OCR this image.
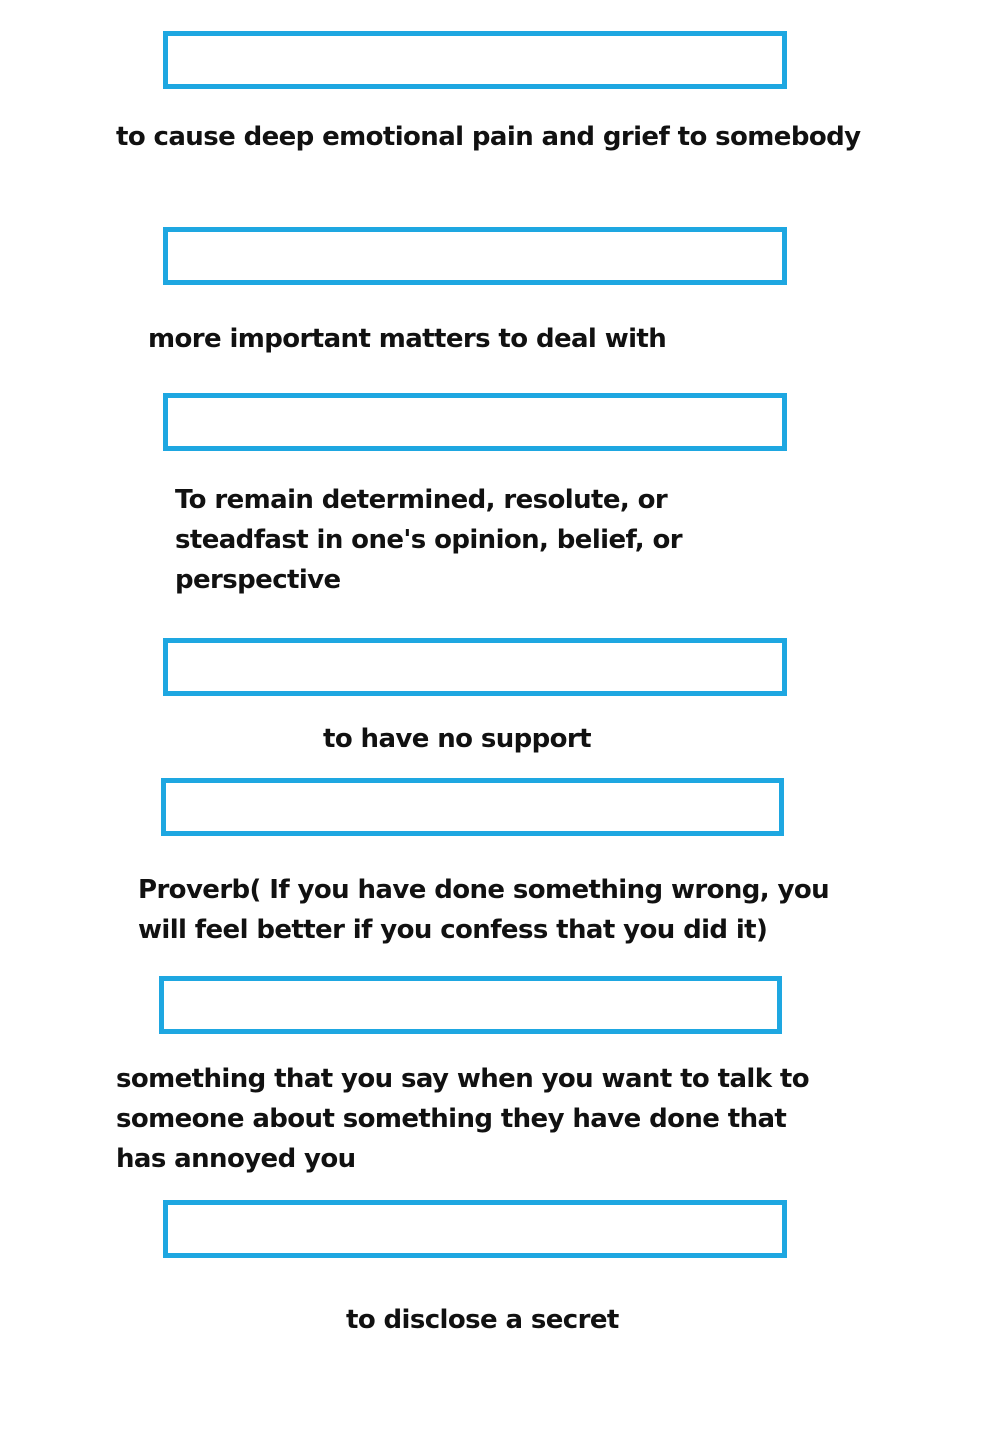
to cause deep emotional pain and grief to somebody

more important matters to deal with

To remain determined, resolute, or
steadfast in one's opinion, belief, or
perspective

to have no support

Proverb( If you have done something wrong, you
will feel better if you confess that you did it)

something that you say when you want to talk to
someone about something they have done that
has annoyed you

to disclose a secret
